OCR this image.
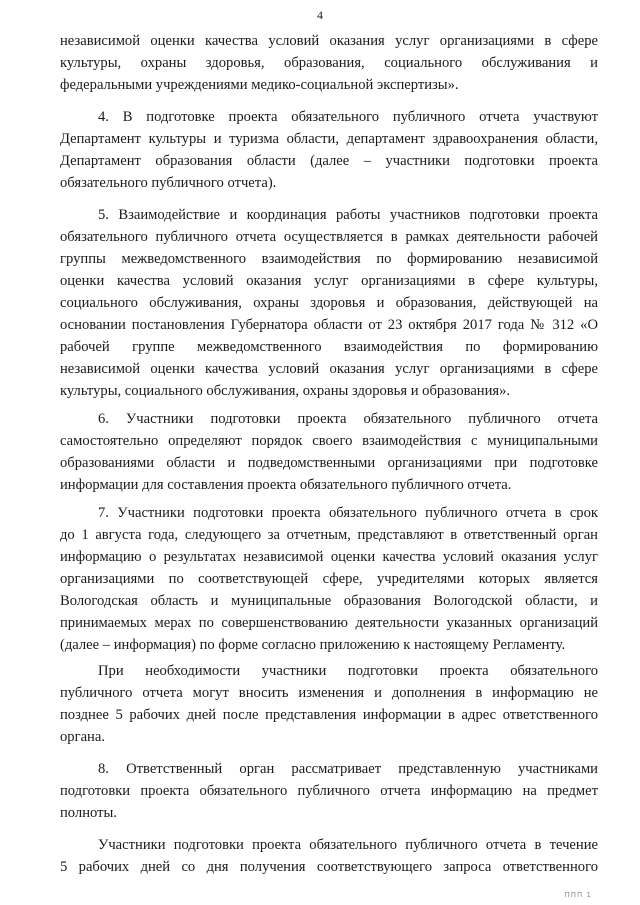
4

независимой оценки качества условий оказания услуг организациями в сфере
культуры, охраны здоровья, образования, социального обслуживания и
федеральными учреждениями медико-социальной экспертизы».

4. В подготовке проекта обязательного публичного отчета участвуют
Департамент культуры и туризма области, департамент здравоохранения области,
Департамент образования области (далее – участники подготовки проекта
обязательного публичного отчета).

5. Взаимодействие и координация работы участников подготовки проекта
обязательного публичного отчета осуществляется в рамках деятельности рабочей
группы межведомственного взаимодействия по формированию независимой
оценки качества условий оказания услуг организациями в сфере культуры,
социального обслуживания, охраны здоровья и образования, действующей на
основании постановления Губернатора области от 23 октября 2017 года № 312 «О
рабочей группе межведомственного взаимодействия по формированию
независимой оценки качества условий оказания услуг организациями в сфере
культуры, социального обслуживания, охраны здоровья и образования».

6. Участники подготовки проекта обязательного публичного отчета
самостоятельно определяют порядок своего взаимодействия с муниципальными
образованиями области и подведомственными организациями при подготовке
информации для составления проекта обязательного публичного отчета.

7. Участники подготовки проекта обязательного публичного отчета в срок
до 1 августа года, следующего за отчетным, представляют в ответственный орган
информацию о результатах независимой оценки качества условий оказания услуг
организациями по соответствующей сфере, учредителями которых является
Вологодская область и муниципальные образования Вологодской области, и
принимаемых мерах по совершенствованию деятельности указанных организаций
(далее – информация) по форме согласно приложению к настоящему Регламенту.

При необходимости участники подготовки проекта обязательного
публичного отчета могут вносить изменения и дополнения в информацию не
позднее 5 рабочих дней после представления информации в адрес ответственного
органа.

8. Ответственный орган рассматривает представленную участниками
подготовки проекта обязательного публичного отчета информацию на предмет
полноты.

Участники подготовки проекта обязательного публичного отчета в течение
5 рабочих дней со дня получения соответствующего запроса ответственного

ППП 1
